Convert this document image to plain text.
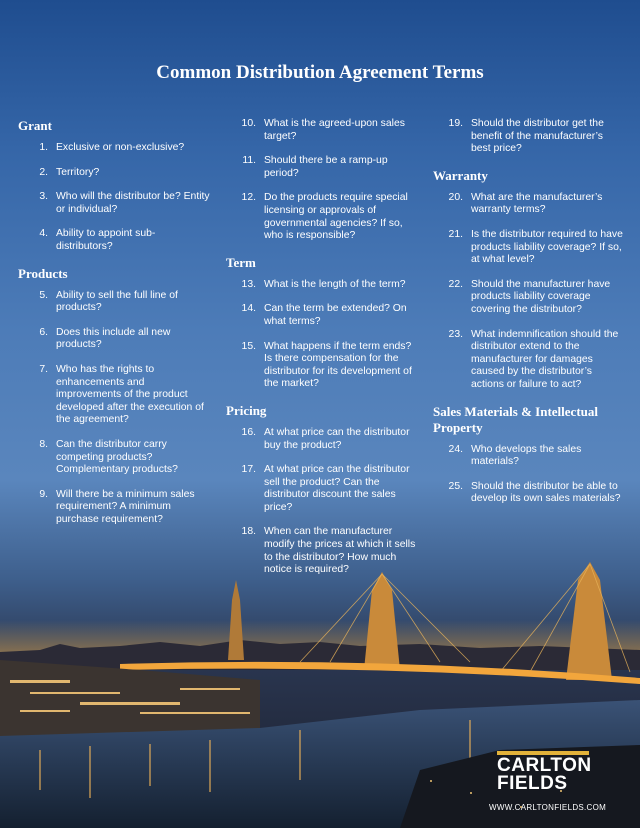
Common Distribution Agreement Terms
Grant
1. Exclusive or non-exclusive?
2. Territory?
3. Who will the distributor be? Entity or individual?
4. Ability to appoint sub-distributors?
Products
5. Ability to sell the full line of products?
6. Does this include all new products?
7. Who has the rights to enhancements and improvements of the product developed after the execution of the agreement?
8. Can the distributor carry competing products? Complementary products?
9. Will there be a minimum sales requirement? A minimum purchase requirement?
10. What is the agreed-upon sales target?
11. Should there be a ramp-up period?
12. Do the products require special licensing or approvals of governmental agencies? If so, who is responsible?
Term
13. What is the length of the term?
14. Can the term be extended? On what terms?
15. What happens if the term ends? Is there compensation for the distributor for its development of the market?
Pricing
16. At what price can the distributor buy the product?
17. At what price can the distributor sell the product? Can the distributor discount the sales price?
18. When can the manufacturer modify the prices at which it sells to the distributor? How much notice is required?
19. Should the distributor get the benefit of the manufacturer’s best price?
Warranty
20. What are the manufacturer’s warranty terms?
21. Is the distributor required to have products liability coverage? If so, at what level?
22. Should the manufacturer have products liability coverage covering the distributor?
23. What indemnification should the distributor extend to the manufacturer for damages caused by the distributor’s actions or failure to act?
Sales Materials & Intellectual Property
24. Who develops the sales materials?
25. Should the distributor be able to develop its own sales materials?
CARLTON
FIELDS
WWW.CARLTONFIELDS.COM
